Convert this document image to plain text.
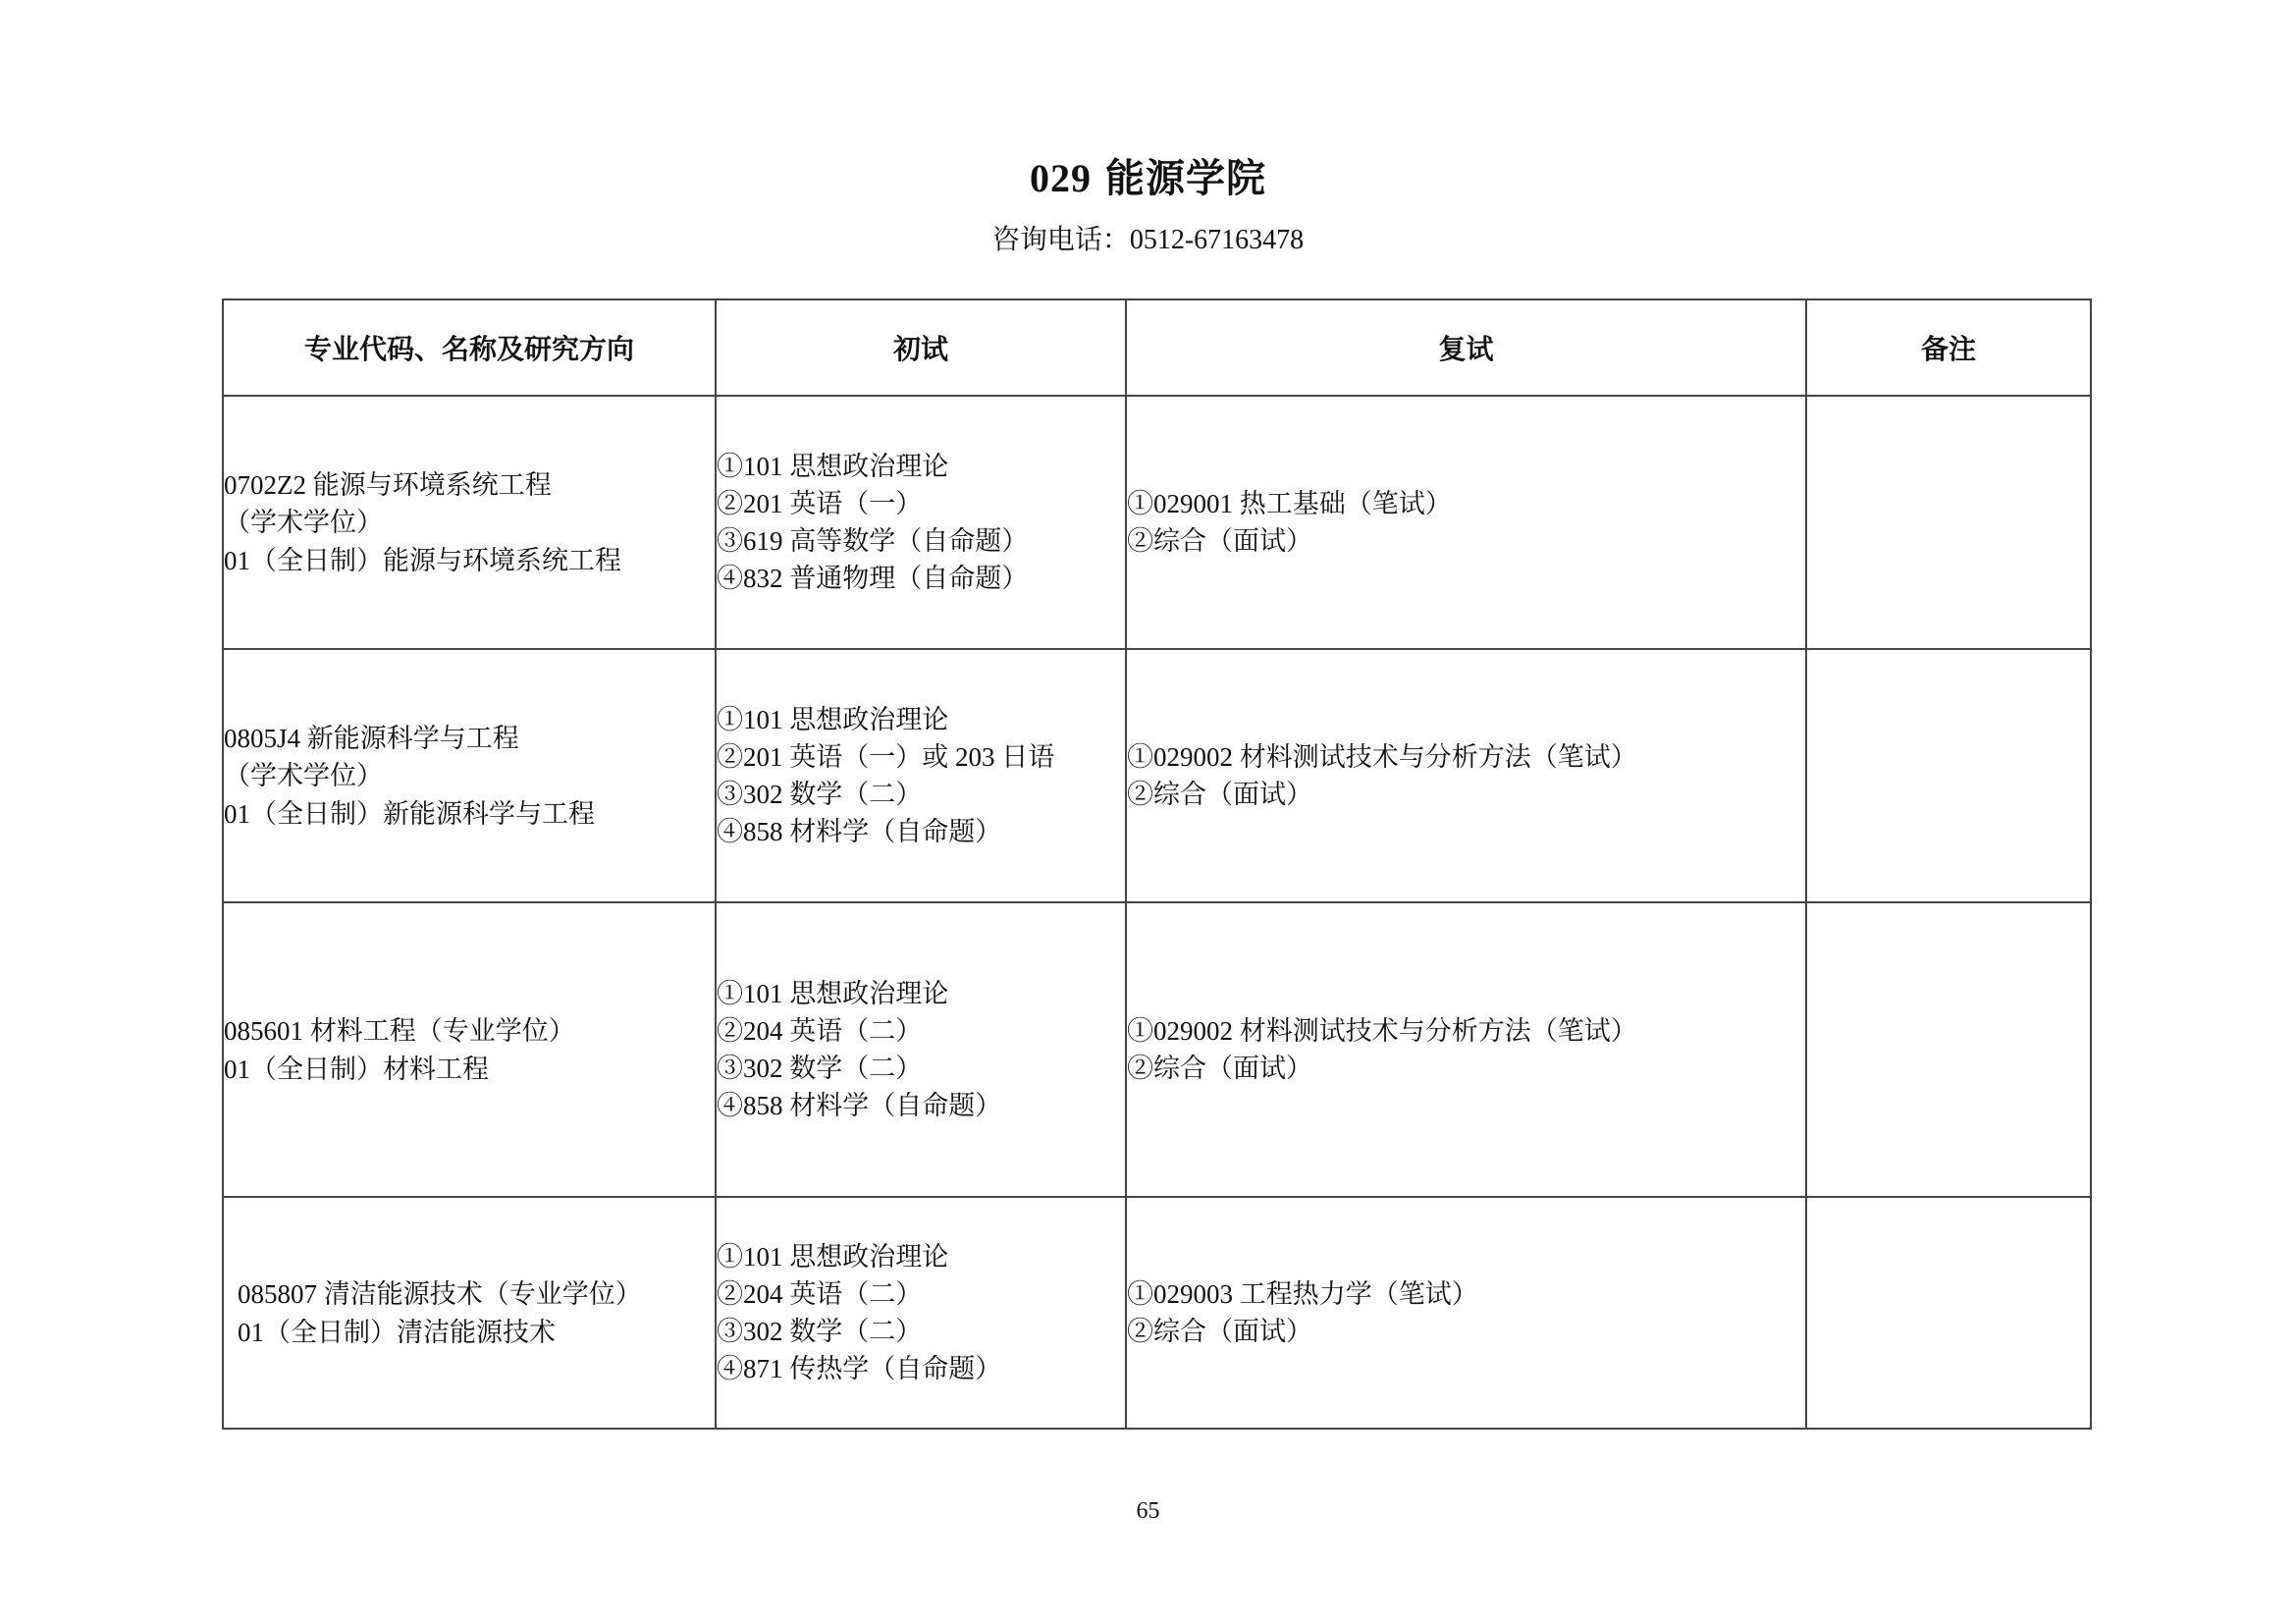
029 能源学院
咨询电话：0512-67163478
专业代码、名称及研究方向	初试	复试	备注

0702Z2 能源与环境系统工程
（学术学位）
01（全日制）能源与环境系统工程	①101 思想政治理论
②201 英语（一）
③619 高等数学（自命题）
④832 普通物理（自命题）	①029001 热工基础（笔试）
②综合（面试）	

0805J4 新能源科学与工程
（学术学位）
01（全日制）新能源科学与工程	①101 思想政治理论
②201 英语（一）或 203 日语
③302 数学（二）
④858 材料学（自命题）	①029002 材料测试技术与分析方法（笔试）
②综合（面试）	

085601 材料工程（专业学位）
01（全日制）材料工程	①101 思想政治理论
②204 英语（二）
③302 数学（二）
④858 材料学（自命题）	①029002 材料测试技术与分析方法（笔试）
②综合（面试）	

085807 清洁能源技术（专业学位）
01（全日制）清洁能源技术	①101 思想政治理论
②204 英语（二）
③302 数学（二）
④871 传热学（自命题）	①029003 工程热力学（笔试）
②综合（面试）	

65
